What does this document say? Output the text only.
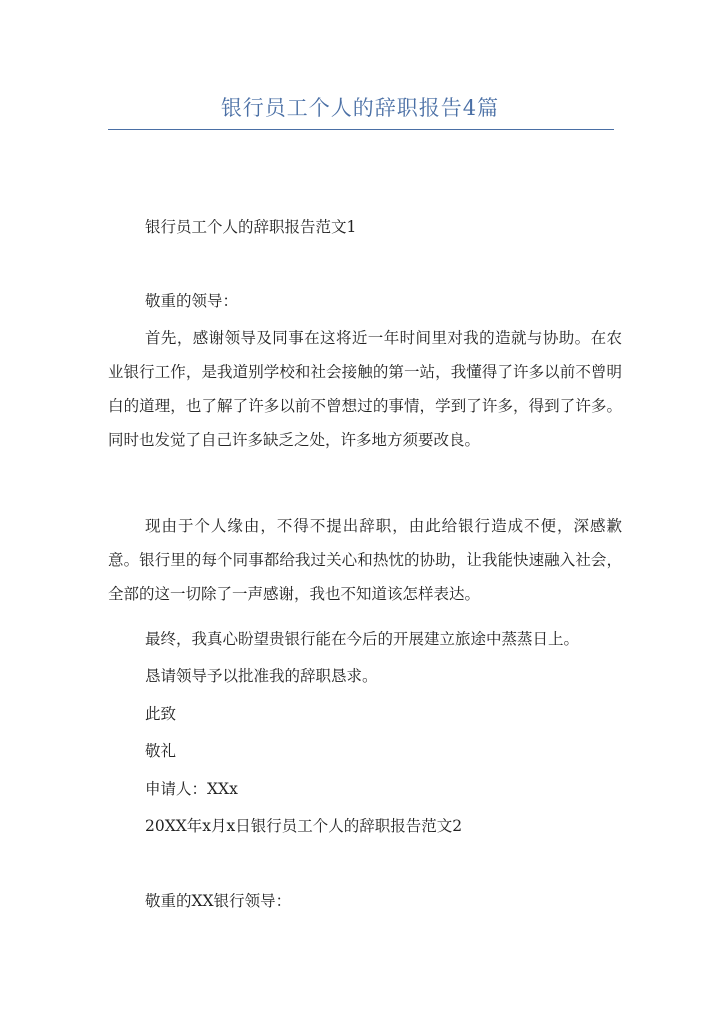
银行员工个人的辞职报告4篇
银行员工个人的辞职报告范文1
敬重的领导：

首先，感谢领导及同事在这将近一年时间里对我的造就与协助。在农业银行工作，是我道别学校和社会接触的第一站，我懂得了许多以前不曾明白的道理，也了解了许多以前不曾想过的事情，学到了许多，得到了许多。同时也发觉了自己许多缺乏之处，许多地方须要改良。

现由于个人缘由，不得不提出辞职，由此给银行造成不便，深感歉意。银行里的每个同事都给我过关心和热忱的协助，让我能快速融入社会，全部的这一切除了一声感谢，我也不知道该怎样表达。

最终，我真心盼望贵银行能在今后的开展建立旅途中蒸蒸日上。

恳请领导予以批准我的辞职恳求。

此致
敬礼
申请人：XXx
20XX年x月x日银行员工个人的辞职报告范文2
敬重的XX银行领导：
